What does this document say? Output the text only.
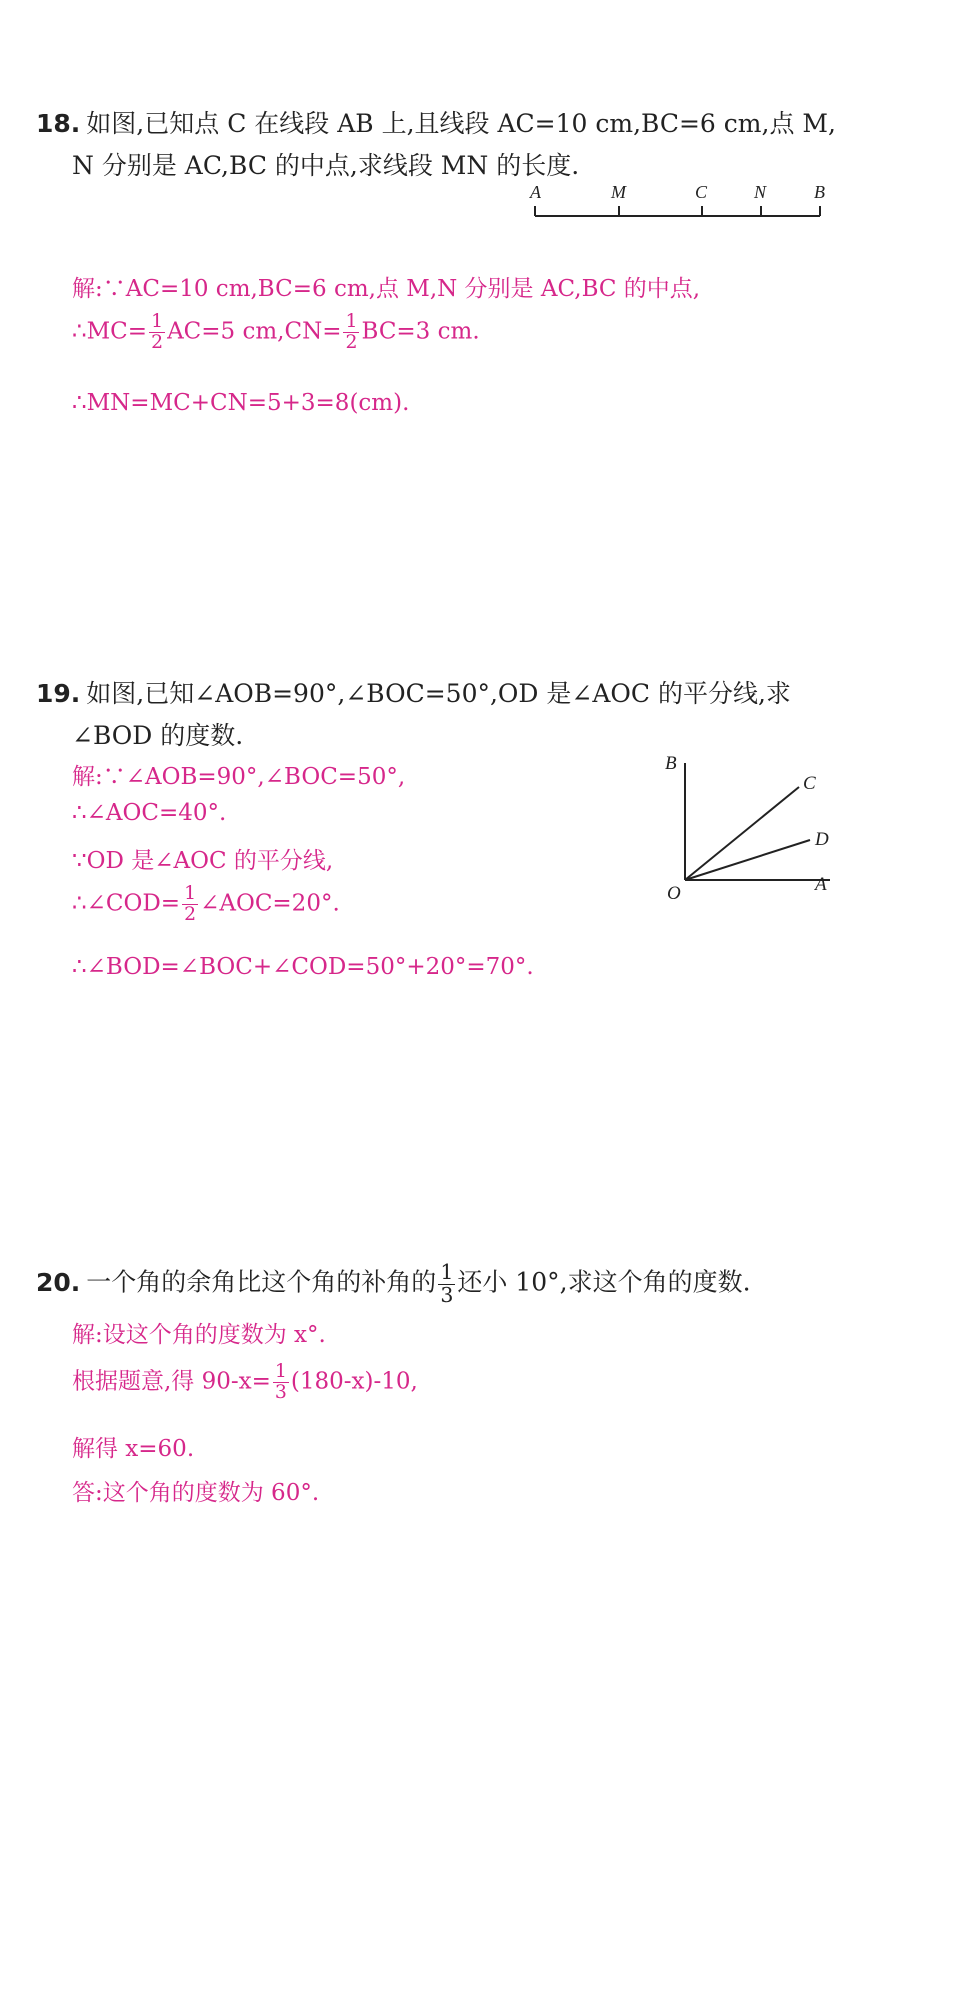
18. 如图,已知点 C 在线段 AB 上,且线段 AC=10 cm,BC=6 cm,点 M,
N 分别是 AC,BC 的中点,求线段 MN 的长度.
A	M	C	N	B
解:∵AC=10 cm,BC=6 cm,点 M,N 分别是 AC,BC 的中点,
∴MC= $\frac{1}{2} AC=5$ $cm,CN= \frac{1}{2} BC=3$ cm.
∴MN=MC+CN=5+3=8(cm).
19. 如图,已知∠AOB=90°,∠BOC=50°,OD 是∠AOC 的平分线,求
∠BOD 的度数.
解:∵∠AOB=90°,∠BOC=50°,
∴∠AOC=40°.
∵OD 是∠AOC 的平分线,
∴∠COD= $\frac{1}{2}$ ∠AOC=20°.
∴∠BOD=∠BOC+∠COD=50°+20°=70°.
B
C
D
O	A
20. 一个角的余角比这个角的补角的 $\frac{1}{3}$ 还小 10°,求这个角的度数.
解:设这个角的度数为 x°.
根据题意,得 $90-x= \frac{1}{3} (180-x)-10$,
解得 x=60.
答:这个角的度数为 60°.
